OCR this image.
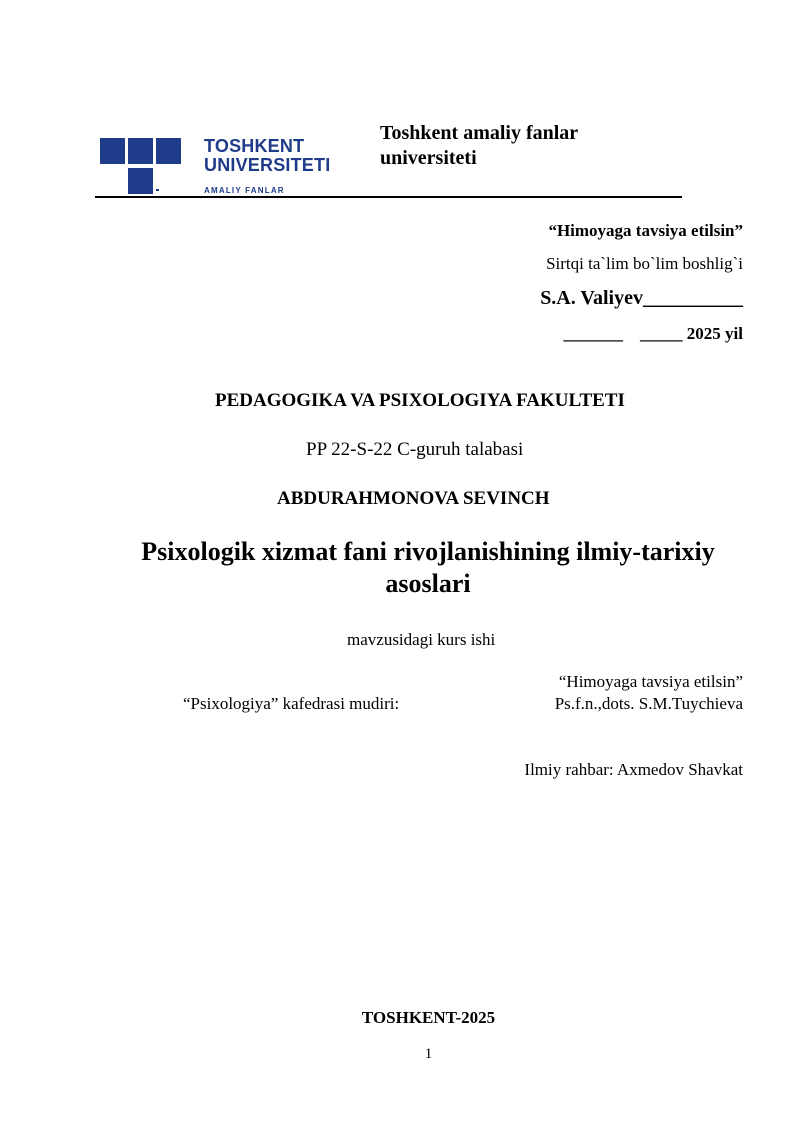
TOSHKENT
UNIVERSITETI
AMALIY FANLAR
Toshkent amaliy fanlar
universiteti
“Himoyaga tavsiya etilsin”
Sirtqi ta`lim bo`lim boshlig`i
S.A. Valiyev__________
_______ _____ 2025 yil
PEDAGOGIKA VA PSIXOLOGIYA FAKULTETI
PP 22-S-22 C-guruh talabasi
ABDURAHMONOVA SEVINCH
Psixologik xizmat fani rivojlanishining ilmiy-tarixiy
asoslari
mavzusidagi kurs ishi
“Himoyaga tavsiya etilsin”
“Psixologiya” kafedrasi mudiri:	Ps.f.n.,dots. S.M.Tuychieva
Ilmiy rahbar: Axmedov Shavkat
TOSHKENT-2025
1
